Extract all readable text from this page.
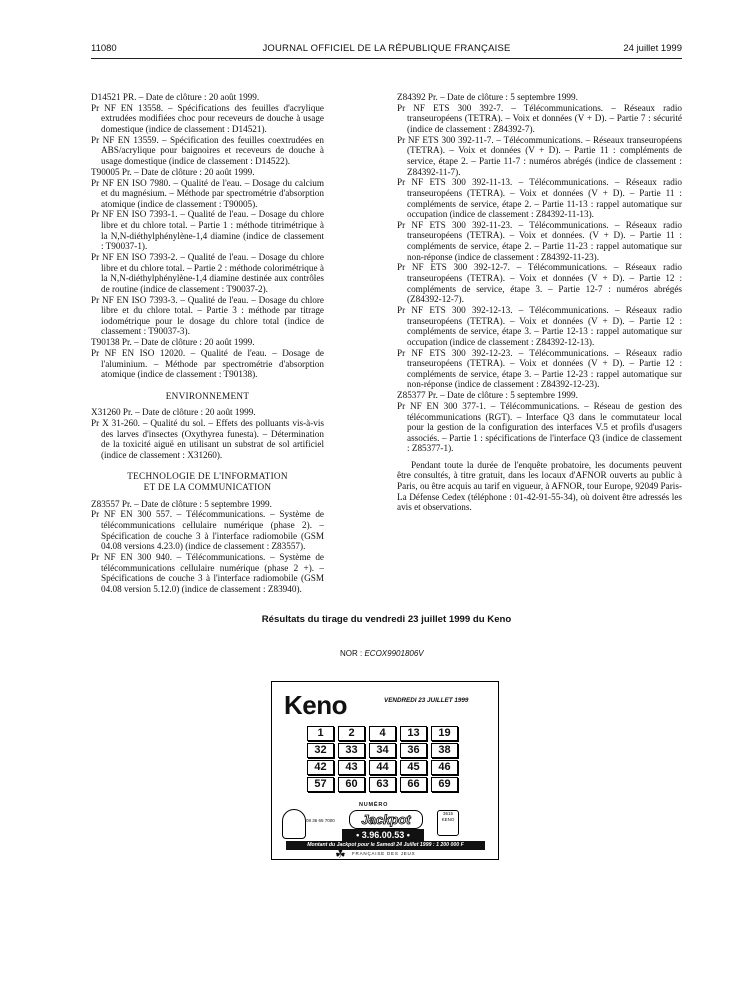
11080	JOURNAL OFFICIEL DE LA RÉPUBLIQUE FRANÇAISE	24 juillet 1999

D14521 PR. – Date de clôture : 20 août 1999.

Pr NF EN 13558. – Spécifications des feuilles d'acrylique extrudées modifiées choc pour receveurs de douche à usage domestique (indice de classement : D14521).

Pr NF EN 13559. – Spécification des feuilles coextrudées en ABS/acrylique pour baignoires et receveurs de douche à usage domestique (indice de classement : D14522).

T90005 Pr. – Date de clôture : 20 août 1999.

Pr NF EN ISO 7980. – Qualité de l'eau. – Dosage du calcium et du magnésium. – Méthode par spectrométrie d'absorption atomique (indice de classement : T90005).

Pr NF EN ISO 7393-1. – Qualité de l'eau. – Dosage du chlore libre et du chlore total. – Partie 1 : méthode titrimétrique à la N,N-diéthylphénylène-1,4 diamine (indice de classement : T90037-1).

Pr NF EN ISO 7393-2. – Qualité de l'eau. – Dosage du chlore libre et du chlore total. – Partie 2 : méthode colorimétrique à la N,N-diéthylphénylène-1,4 diamine destinée aux contrôles de routine (indice de classement : T90037-2).

Pr NF EN ISO 7393-3. – Qualité de l'eau. – Dosage du chlore libre et du chlore total. – Partie 3 : méthode par titrage iodométrique pour le dosage du chlore total (indice de classement : T90037-3).

T90138 Pr. – Date de clôture : 20 août 1999.

Pr NF EN ISO 12020. – Qualité de l'eau. – Dosage de l'aluminium. – Méthode par spectrométrie d'absorption atomique (indice de classement : T90138).

ENVIRONNEMENT

X31260 Pr. – Date de clôture : 20 août 1999.

Pr X 31-260. – Qualité du sol. – Effets des polluants vis-à-vis des larves d'insectes (Oxythyrea funesta). – Détermination de la toxicité aiguë en utilisant un substrat de sol artificiel (indice de classement : X31260).

TECHNOLOGIE DE L'INFORMATION
ET DE LA COMMUNICATION

Z83557 Pr. – Date de clôture : 5 septembre 1999.

Pr NF EN 300 557. – Télécommunications. – Système de télécommunications cellulaire numérique (phase 2). – Spécification de couche 3 à l'interface radiomobile (GSM 04.08 versions 4.23.0) (indice de classement : Z83557).

Pr NF EN 300 940. – Télécommunications. – Système de télécommunications cellulaire numérique (phase 2 +). – Spécifications de couche 3 à l'interface radiomobile (GSM 04.08 version 5.12.0) (indice de classement : Z83940).

Z84392 Pr. – Date de clôture : 5 septembre 1999.

Pr NF ETS 300 392-7. – Télécommunications. – Réseaux radio transeuropéens (TETRA). – Voix et données (V + D). – Partie 7 : sécurité (indice de classement : Z84392-7).

Pr NF ETS 300 392-11-7. – Télécommunications. – Réseaux transeuropéens (TETRA). – Voix et données (V + D). – Partie 11 : compléments de service, étape 2. – Partie 11-7 : numéros abrégés (indice de classement : Z84392-11-7).

Pr NF ETS 300 392-11-13. – Télécommunications. – Réseaux radio transeuropéens (TETRA). – Voix et données (V + D). – Partie 11 : compléments de service, étape 2. – Partie 11-13 : rappel automatique sur occupation (indice de classement : Z84392-11-13).

Pr NF ETS 300 392-11-23. – Télécommunications. – Réseaux radio transeuropéens (TETRA). – Voix et données. (V + D). – Partie 11 : compléments de service, étape 2. – Partie 11-23 : rappel automatique sur non-réponse (indice de classement : Z84392-11-23).

Pr NF ETS 300 392-12-7. – Télécommunications. – Réseaux radio transeuropéens (TETRA). – Voix et données (V + D). – Partie 12 : compléments de service, étape 3. – Partie 12-7 : numéros abrégés (Z84392-12-7).

Pr NF ETS 300 392-12-13. – Télécommunications. – Réseaux radio transeuropéens (TETRA). – Voix et données (V + D). – Partie 12 : compléments de service, étape 3. – Partie 12-13 : rappel automatique sur occupation (indice de classement : Z84392-12-13).

Pr NF ETS 300 392-12-23. – Télécommunications. – Réseaux radio transeuropéens (TETRA). – Voix et données (V + D). – Partie 12 : compléments de service, étape 3. – Partie 12-23 : rappel automatique sur non-réponse (indice de classement : Z84392-12-23).

Z85377 Pr. – Date de clôture : 5 septembre 1999.

Pr NF EN 300 377-1. – Télécommunications. – Réseau de gestion des télécommunications (RGT). – Interface Q3 dans le commutateur local pour la gestion de la configuration des interfaces V.5 et profils d'usagers associés. – Partie 1 : spécifications de l'interface Q3 (indice de classement : Z85377-1).

Pendant toute la durée de l'enquête probatoire, les documents peuvent être consultés, à titre gratuit, dans les locaux d'AFNOR ouverts au public à Paris, ou être acquis au tarif en vigueur, à AFNOR, tour Europe, 92049 Paris-La Défense Cedex (téléphone : 01-42-91-55-34), où doivent être adressés les avis et observations.

Résultats du tirage du vendredi 23 juillet 1999 du Keno
NOR : ECOX9901806V
Keno	VENDREDI 23 JUILLET 1999
1	2	4	13	19
32	33	34	36	38
42	43	44	45	46
57	60	63	66	69
08 36 65 7000
NUMÉRO
Jackpot
• 3.96.00.53 •
3615 KENO
Montant du Jackpot pour le Samedi 24 Juillet 1999 : 1 200 000 F
☘ FRANÇAISE DES JEUX
